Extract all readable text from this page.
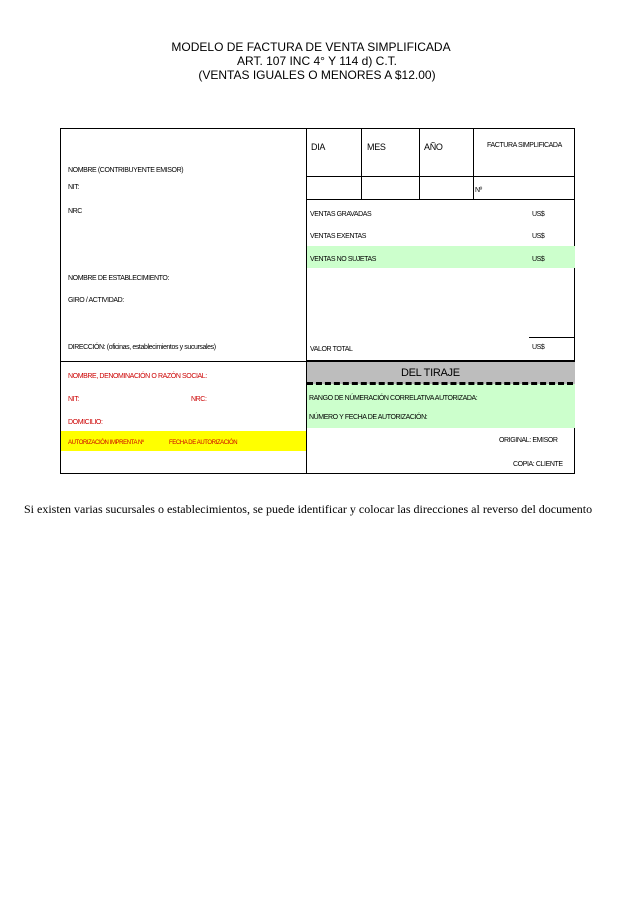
MODELO DE FACTURA DE VENTA SIMPLIFICADA
ART. 107 INC 4° Y 114 d) C.T.
(VENTAS IGUALES O MENORES A $12.00)
DIA	MES	AÑO	FACTURA SIMPLIFICADA
Nº
VENTAS GRAVADAS	US$
VENTAS EXENTAS	US$
VENTAS NO SUJETAS	US$
VALOR TOTAL	US$
DEL TIRAJE
RANGO DE NÚMERACIÓN CORRELATIVA AUTORIZADA:
NÚMERO Y FECHA DE AUTORIZACIÓN:
ORIGINAL: EMISOR
COPIA: CLIENTE
NOMBRE (CONTRIBUYENTE EMISOR)
NIT:
NRC
NOMBRE DE ESTABLECIMIENTO:
GIRO / ACTIVIDAD:
DIRECCIÓN: (oficinas, establecimientos y sucursales)
NOMBRE, DENOMINACIÓN O RAZÓN SOCIAL:
NIT:	NRC:
DOMICILIO:
AUTORIZACIÓN IMPRENTA Nº	FECHA DE AUTORIZACIÓN
Si existen varias sucursales o establecimientos, se puede identificar y colocar las direcciones al reverso del documento
